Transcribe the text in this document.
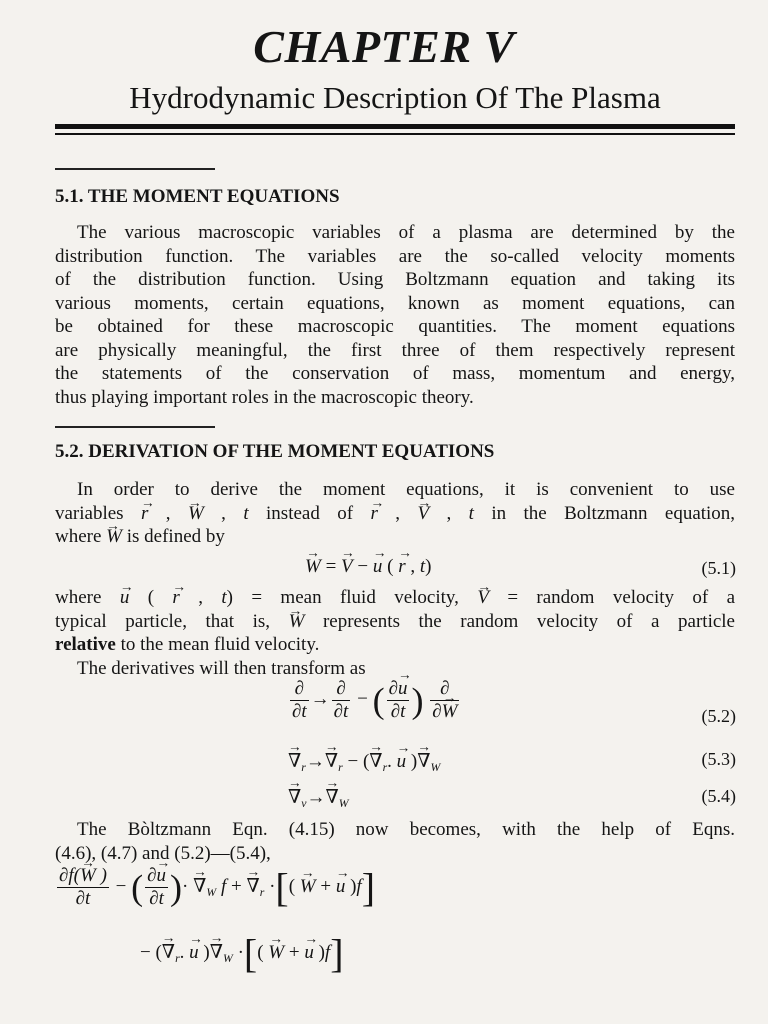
CHAPTER V
Hydrodynamic Description Of The Plasma
5.1. THE MOMENT EQUATIONS
The various macroscopic variables of a plasma are determined by the
distribution function. The variables are the so-called velocity moments
of the distribution function. Using Boltzmann equation and taking its
various moments, certain equations, known as moment equations, can
be obtained for these macroscopic quantities. The moment equations
are physically meaningful, the first three of them respectively represent
the statements of the conservation of mass, momentum and energy,
thus playing important roles in the macroscopic theory.
5.2. DERIVATION OF THE MOMENT EQUATIONS
In order to derive the moment equations, it is convenient to use
variables → r , → W , t instead of → r , → V , t in the Boltzmann equation,
where → W is defined by
→ W = → V − → u ( → r , t)	(5.1)
where → u ( → r , t) = mean fluid velocity, → V = random velocity of a
typical particle, that is, → W represents the random velocity of a particle
relative to the mean fluid velocity.
The derivatives will then transform as
$\frac{\partial}{\partial t} \to \frac{\partial}{\partial t}$ − ( $\frac{\partial\to u}{\partial t}$ ) $\frac{\partial}{\partial\to W}$	(5.2)
→ $\nabla_r\to\to \nabla_r$ − (→ $\nabla_r$. → u )→ $\nabla_W$	(5.3)
→ $\nabla_v\to\to \nabla_W$	(5.4)
The Bòltzmann Eqn. (4.15) now becomes, with the help of Eqns.
(4.6), (4.7) and (5.2)—(5.4),
$\frac{\partial f(\to W )}{\partial t}$ − ( $\frac{\partial\to u}{\partial t}$ )· → $\nabla_W$ f + → $\nabla_r$ ·[( → W + → u )f]
− (→ $\nabla_r$. → u )→ $\nabla_W$ ·[( → W + → u )f]
